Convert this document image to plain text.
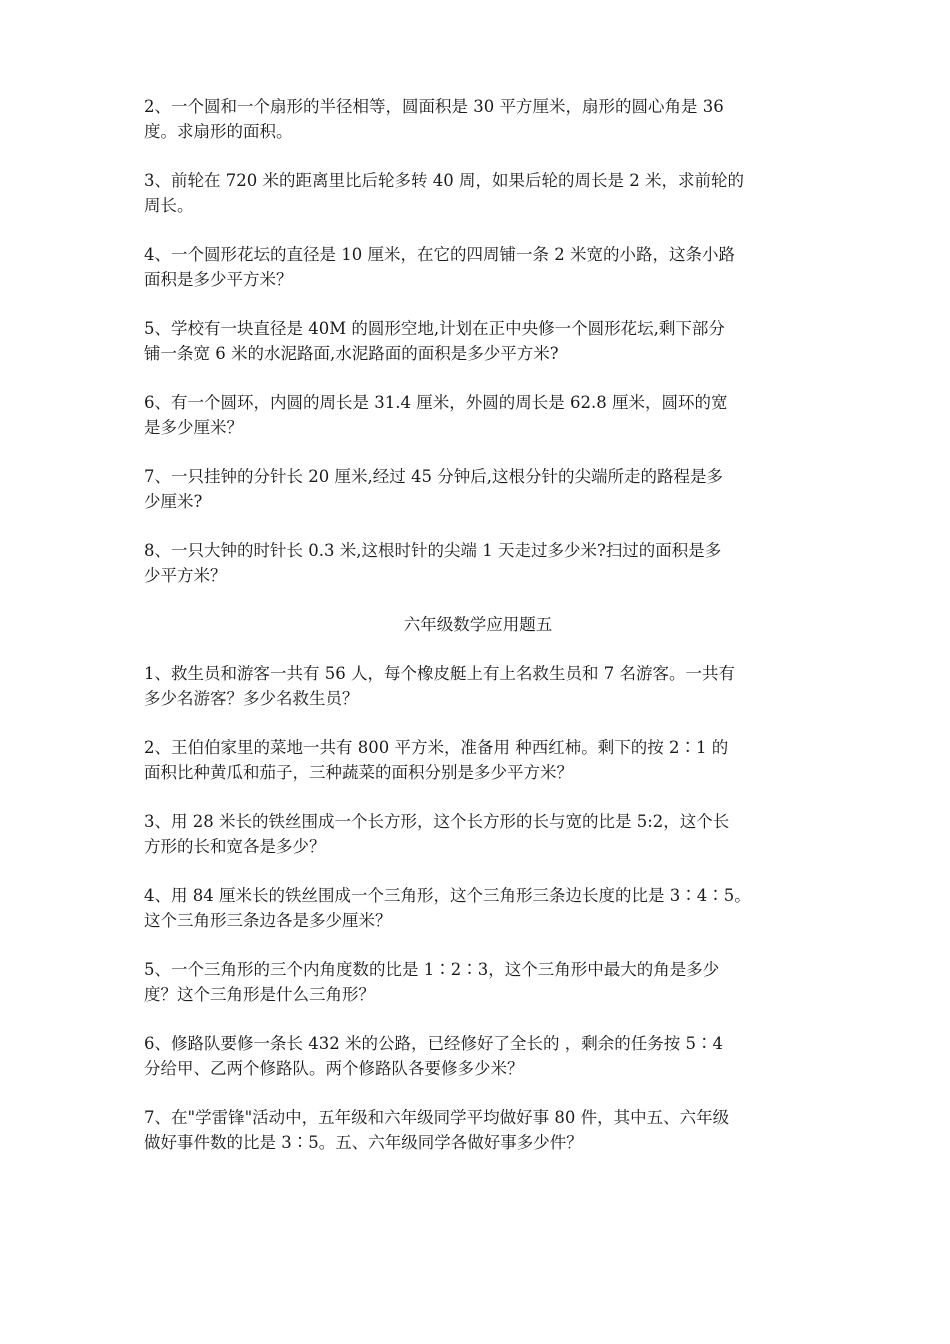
2、一个圆和一个扇形的半径相等，圆面积是 30 平方厘米，扇形的圆心角是 36
度。求扇形的面积。

3、前轮在 720 米的距离里比后轮多转 40 周，如果后轮的周长是 2 米，求前轮的
周长。

4、一个圆形花坛的直径是 10 厘米，在它的四周铺一条 2 米宽的小路，这条小路
面积是多少平方米？

5、学校有一块直径是 40M 的圆形空地,计划在正中央修一个圆形花坛,剩下部分
铺一条宽 6 米的水泥路面,水泥路面的面积是多少平方米?

6、有一个圆环，内圆的周长是 31.4 厘米，外圆的周长是 62.8 厘米，圆环的宽
是多少厘米？

7、一只挂钟的分针长 20 厘米,经过 45 分钟后,这根分针的尖端所走的路程是多
少厘米?

8、一只大钟的时针长 0.3 米,这根时针的尖端 1 天走过多少米?扫过的面积是多
少平方米？

六年级数学应用题五

1、救生员和游客一共有 56 人，每个橡皮艇上有上名救生员和 7 名游客。一共有
多少名游客？多少名救生员？

2、王伯伯家里的菜地一共有 800 平方米，准备用 种西红柿。剩下的按 2∶1 的
面积比种黄瓜和茄子，三种蔬菜的面积分别是多少平方米？

3、用 28 米长的铁丝围成一个长方形，这个长方形的长与宽的比是 5:2，这个长
方形的长和宽各是多少？

4、用 84 厘米长的铁丝围成一个三角形，这个三角形三条边长度的比是 3∶4∶5。
这个三角形三条边各是多少厘米？

5、一个三角形的三个内角度数的比是 1∶2∶3，这个三角形中最大的角是多少
度？这个三角形是什么三角形？

6、修路队要修一条长 432 米的公路，已经修好了全长的 ，剩余的任务按 5∶4
分给甲、乙两个修路队。两个修路队各要修多少米？

7、在"学雷锋"活动中，五年级和六年级同学平均做好事 80 件，其中五、六年级
做好事件数的比是 3∶5。五、六年级同学各做好事多少件？
